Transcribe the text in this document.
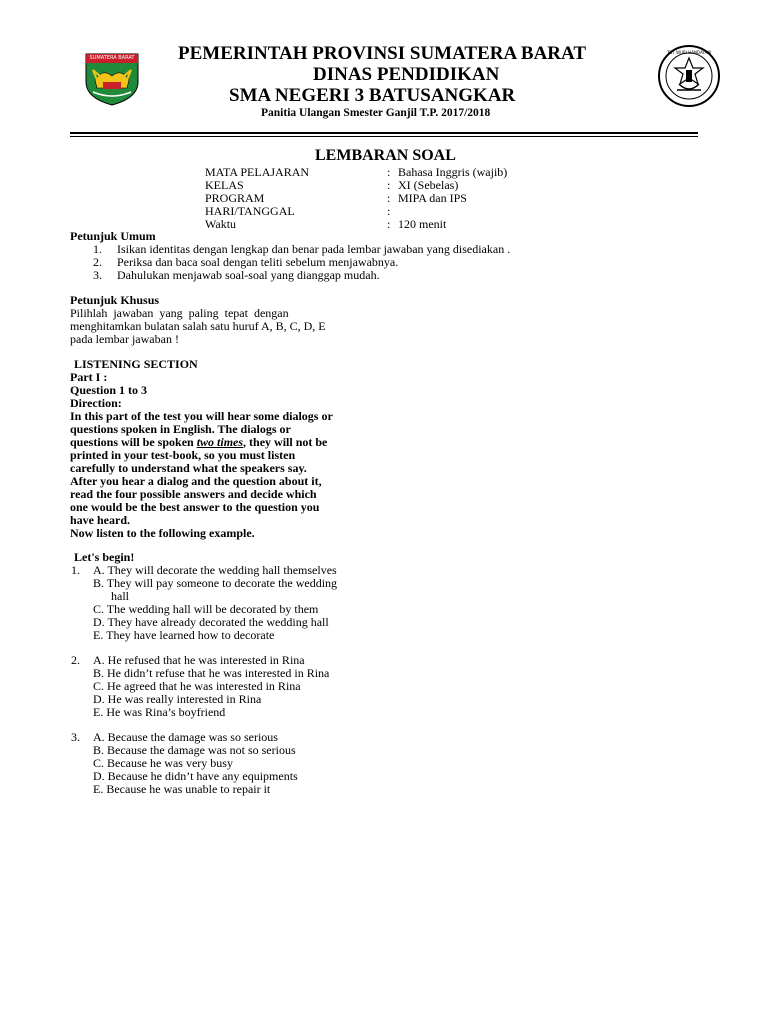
SUMATERA BARAT
TUT WURI HANDAYANI
PEMERINTAH PROVINSI SUMATERA BARAT
DINAS PENDIDIKAN
SMA NEGERI 3 BATUSANGKAR
Panitia Ulangan Smester Ganjil T.P. 2017/2018
LEMBARAN SOAL
MATA PELAJARAN	: Bahasa Inggris (wajib)
KELAS	: XI (Sebelas)
PROGRAM	: MIPA dan IPS
HARI/TANGGAL	:
Waktu	: 120 menit
Petunjuk Umum
1. Isikan identitas dengan lengkap dan benar pada lembar jawaban yang disediakan .
2. Periksa dan baca soal dengan teliti sebelum menjawabnya.
3. Dahulukan menjawab soal-soal yang dianggap mudah.
Petunjuk Khusus
Pilihlah jawaban yang paling tepat dengan
menghitamkan bulatan salah satu huruf A, B, C, D, E
pada lembar jawaban !
LISTENING SECTION
Part I :
Question 1 to 3
Direction:
In this part of the test you will hear some dialogs or
questions spoken in English. The dialogs or
questions will be spoken two times, they will not be
printed in your test-book, so you must listen
carefully to understand what the speakers say.
After you hear a dialog and the question about it,
read the four possible answers and decide which
one would be the best answer to the question you
have heard.
Now listen to the following example.
Let's begin!
1. A. They will decorate the wedding hall themselves
B. They will pay someone to decorate the wedding
hall
C. The wedding hall will be decorated by them
D. They have already decorated the wedding hall
E. They have learned how to decorate
2. A. He refused that he was interested in Rina
B. He didn’t refuse that he was interested in Rina
C. He agreed that he was interested in Rina
D. He was really interested in Rina
E. He was Rina’s boyfriend
3. A. Because the damage was so serious
B. Because the damage was not so serious
C. Because he was very busy
D. Because he didn’t have any equipments
E. Because he was unable to repair it
